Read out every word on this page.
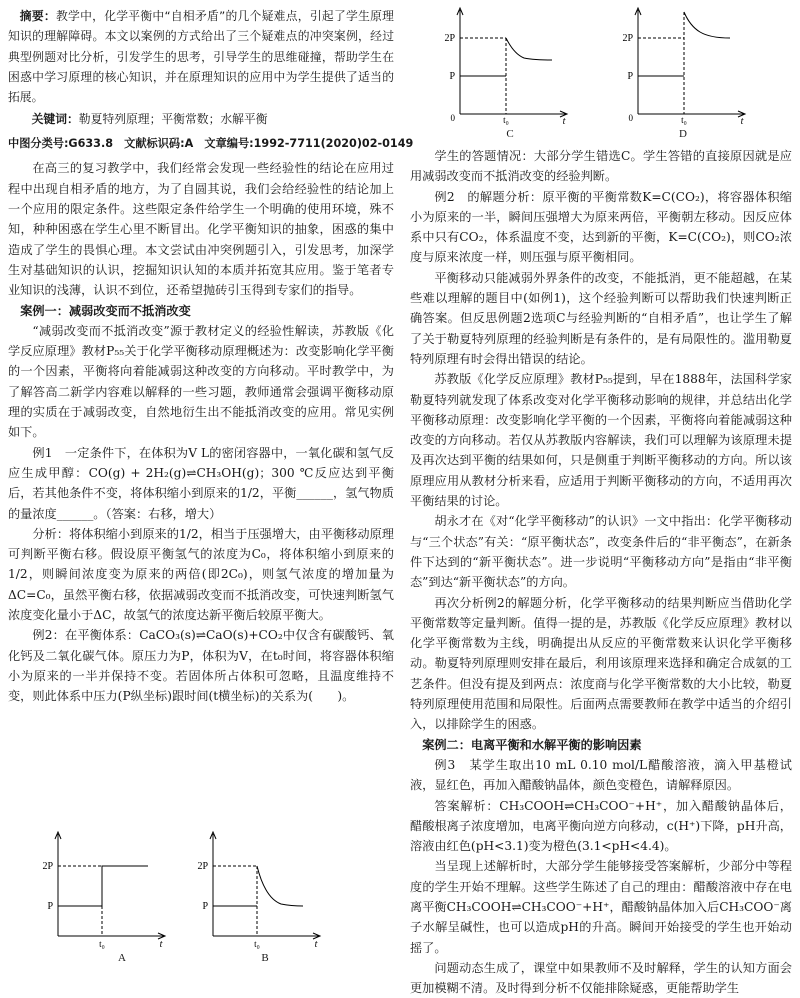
摘要：教学中，化学平衡中“自相矛盾”的几个疑难点，引起了学生原理知识的理解障碍。本文以案例的方式给出了三个疑难点的冲突案例，经过典型例题对比分析，引发学生的思考，引导学生的思维碰撞，帮助学生在困惑中学习原理的核心知识，并在原理知识的应用中为学生提供了适当的拓展。

关键词：勒夏特列原理；平衡常数；水解平衡

中图分类号:G633.8　文献标识码:A　文章编号:1992-7711(2020)02-0149

在高三的复习教学中，我们经常会发现一些经验性的结论在应用过程中出现自相矛盾的地方，为了自圆其说，我们会给经验性的结论加上一个应用的限定条件。这些限定条件给学生一个明确的使用环境，殊不知，种种困惑在学生心里不断冒出。化学平衡知识的抽象，困惑的集中造成了学生的畏惧心理。本文尝试由冲突例题引入，引发思考，加深学生对基础知识的认识，挖掘知识认知的本质并拓宽其应用。鉴于笔者专业知识的浅薄，认识不到位，还希望抛砖引玉得到专家们的指导。

案例一：减弱改变而不抵消改变

“减弱改变而不抵消改变”源于教材定义的经验性解读，苏教版《化学反应原理》教材P₅₅关于化学平衡移动原理概述为：改变影响化学平衡的一个因素，平衡将向着能减弱这种改变的方向移动。平时教学中，为了解答高二新学内容难以解释的一些习题，教师通常会强调平衡移动原理的实质在于减弱改变，自然地衍生出不能抵消改变的应用。常见实例如下。

例1　一定条件下，在体积为V L的密闭容器中，一氧化碳和氢气反应生成甲醇：CO(g) + 2H₂(g)⇌CH₃OH(g)；300 ℃反应达到平衡后，若其他条件不变，将体积缩小到原来的1/2，平衡______，氢气物质的量浓度______。（答案：右移，增大）

分析：将体积缩小到原来的1/2，相当于压强增大，由平衡移动原理可判断平衡右移。假设原平衡氢气的浓度为C₀，将体积缩小到原来的1/2，则瞬间浓度变为原来的两倍(即2C₀)，则氢气浓度的增加量为ΔC=C₀，虽然平衡右移，依据减弱改变而不抵消改变，可快速判断氢气浓度变化量小于ΔC，故氢气的浓度达新平衡后较原平衡大。

例2：在平衡体系：CaCO₃(s)⇌CaO(s)+CO₂中仅含有碳酸钙、氧化钙及二氧化碳气体。原压力为P，体积为V，在t₀时间，将容器体积缩小为原来的一半并保持不变。若固体所占体积可忽略，且温度维持不变，则此体系中压力(P纵坐标)跟时间(t横坐标)的关系为(　　)。

2P
P
t₀	t
A
2P
P
t₀	t
B
2P
P
0	t₀	t
C
2P
P
0	t₀	t
D

学生的答题情况：大部分学生错选C。学生答错的直接原因就是应用减弱改变而不抵消改变的经验判断。

例2　的解题分析：原平衡的平衡常数K=C(CO₂)，将容器体积缩小为原来的一半，瞬间压强增大为原来两倍，平衡朝左移动。因反应体系中只有CO₂，体系温度不变，达到新的平衡，K=C(CO₂)，则CO₂浓度与原来浓度一样，则压强与原平衡相同。

平衡移动只能减弱外界条件的改变，不能抵消，更不能超越，在某些难以理解的题目中(如例1)，这个经验判断可以帮助我们快速判断正确答案。但反思例题2选项C与经验判断的“自相矛盾”，也让学生了解了关于勒夏特列原理的经验判断是有条件的，是有局限性的。滥用勒夏特列原理有时会得出错误的结论。

苏教版《化学反应原理》教材P₅₅提到，早在1888年，法国科学家勒夏特列就发现了体系改变对化学平衡移动影响的规律，并总结出化学平衡移动原理：改变影响化学平衡的一个因素，平衡将向着能减弱这种改变的方向移动。若仅从苏教版内容解读，我们可以理解为该原理未提及再次达到平衡的结果如何，只是侧重于判断平衡移动的方向。所以该原理应用从教材分析来看，应适用于判断平衡移动的方向，不适用再次平衡结果的讨论。

胡永才在《对“化学平衡移动”的认识》一文中指出：化学平衡移动与“三个状态”有关：“原平衡状态”，改变条件后的“非平衡态”，在新条件下达到的“新平衡状态”。进一步说明“平衡移动方向”是指由“非平衡态”到达“新平衡状态”的方向。

再次分析例2的解题分析，化学平衡移动的结果判断应当借助化学平衡常数等定量判断。值得一提的是，苏教版《化学反应原理》教材以化学平衡常数为主线，明确提出从反应的平衡常数来认识化学平衡移动。勒夏特列原理则安排在最后，利用该原理来选择和确定合成氨的工艺条件。但没有提及到两点：浓度商与化学平衡常数的大小比较，勒夏特列原理使用范围和局限性。后面两点需要教师在教学中适当的介绍引入，以排除学生的困惑。

案例二：电离平衡和水解平衡的影响因素

例3　某学生取出10 mL 0.10 mol/L醋酸溶液，滴入甲基橙试液，显红色，再加入醋酸钠晶体，颜色变橙色，请解释原因。

答案解析：CH₃COOH⇌CH₃COO⁻+H⁺，加入醋酸钠晶体后，醋酸根离子浓度增加，电离平衡向逆方向移动，c(H⁺)下降，pH升高，溶液由红色(pH<3.1)变为橙色(3.1<pH<4.4)。

当呈现上述解析时，大部分学生能够接受答案解析，少部分中等程度的学生开始不理解。这些学生陈述了自己的理由：醋酸溶液中存在电离平衡CH₃COOH⇌CH₃COO⁻+H⁺，醋酸钠晶体加入后CH₃COO⁻离子水解呈碱性，也可以造成pH的升高。瞬间开始接受的学生也开始动摇了。

问题动态生成了，课堂中如果教师不及时解释，学生的认知方面会更加模糊不清。及时得到分析不仅能排除疑惑，更能帮助学生
